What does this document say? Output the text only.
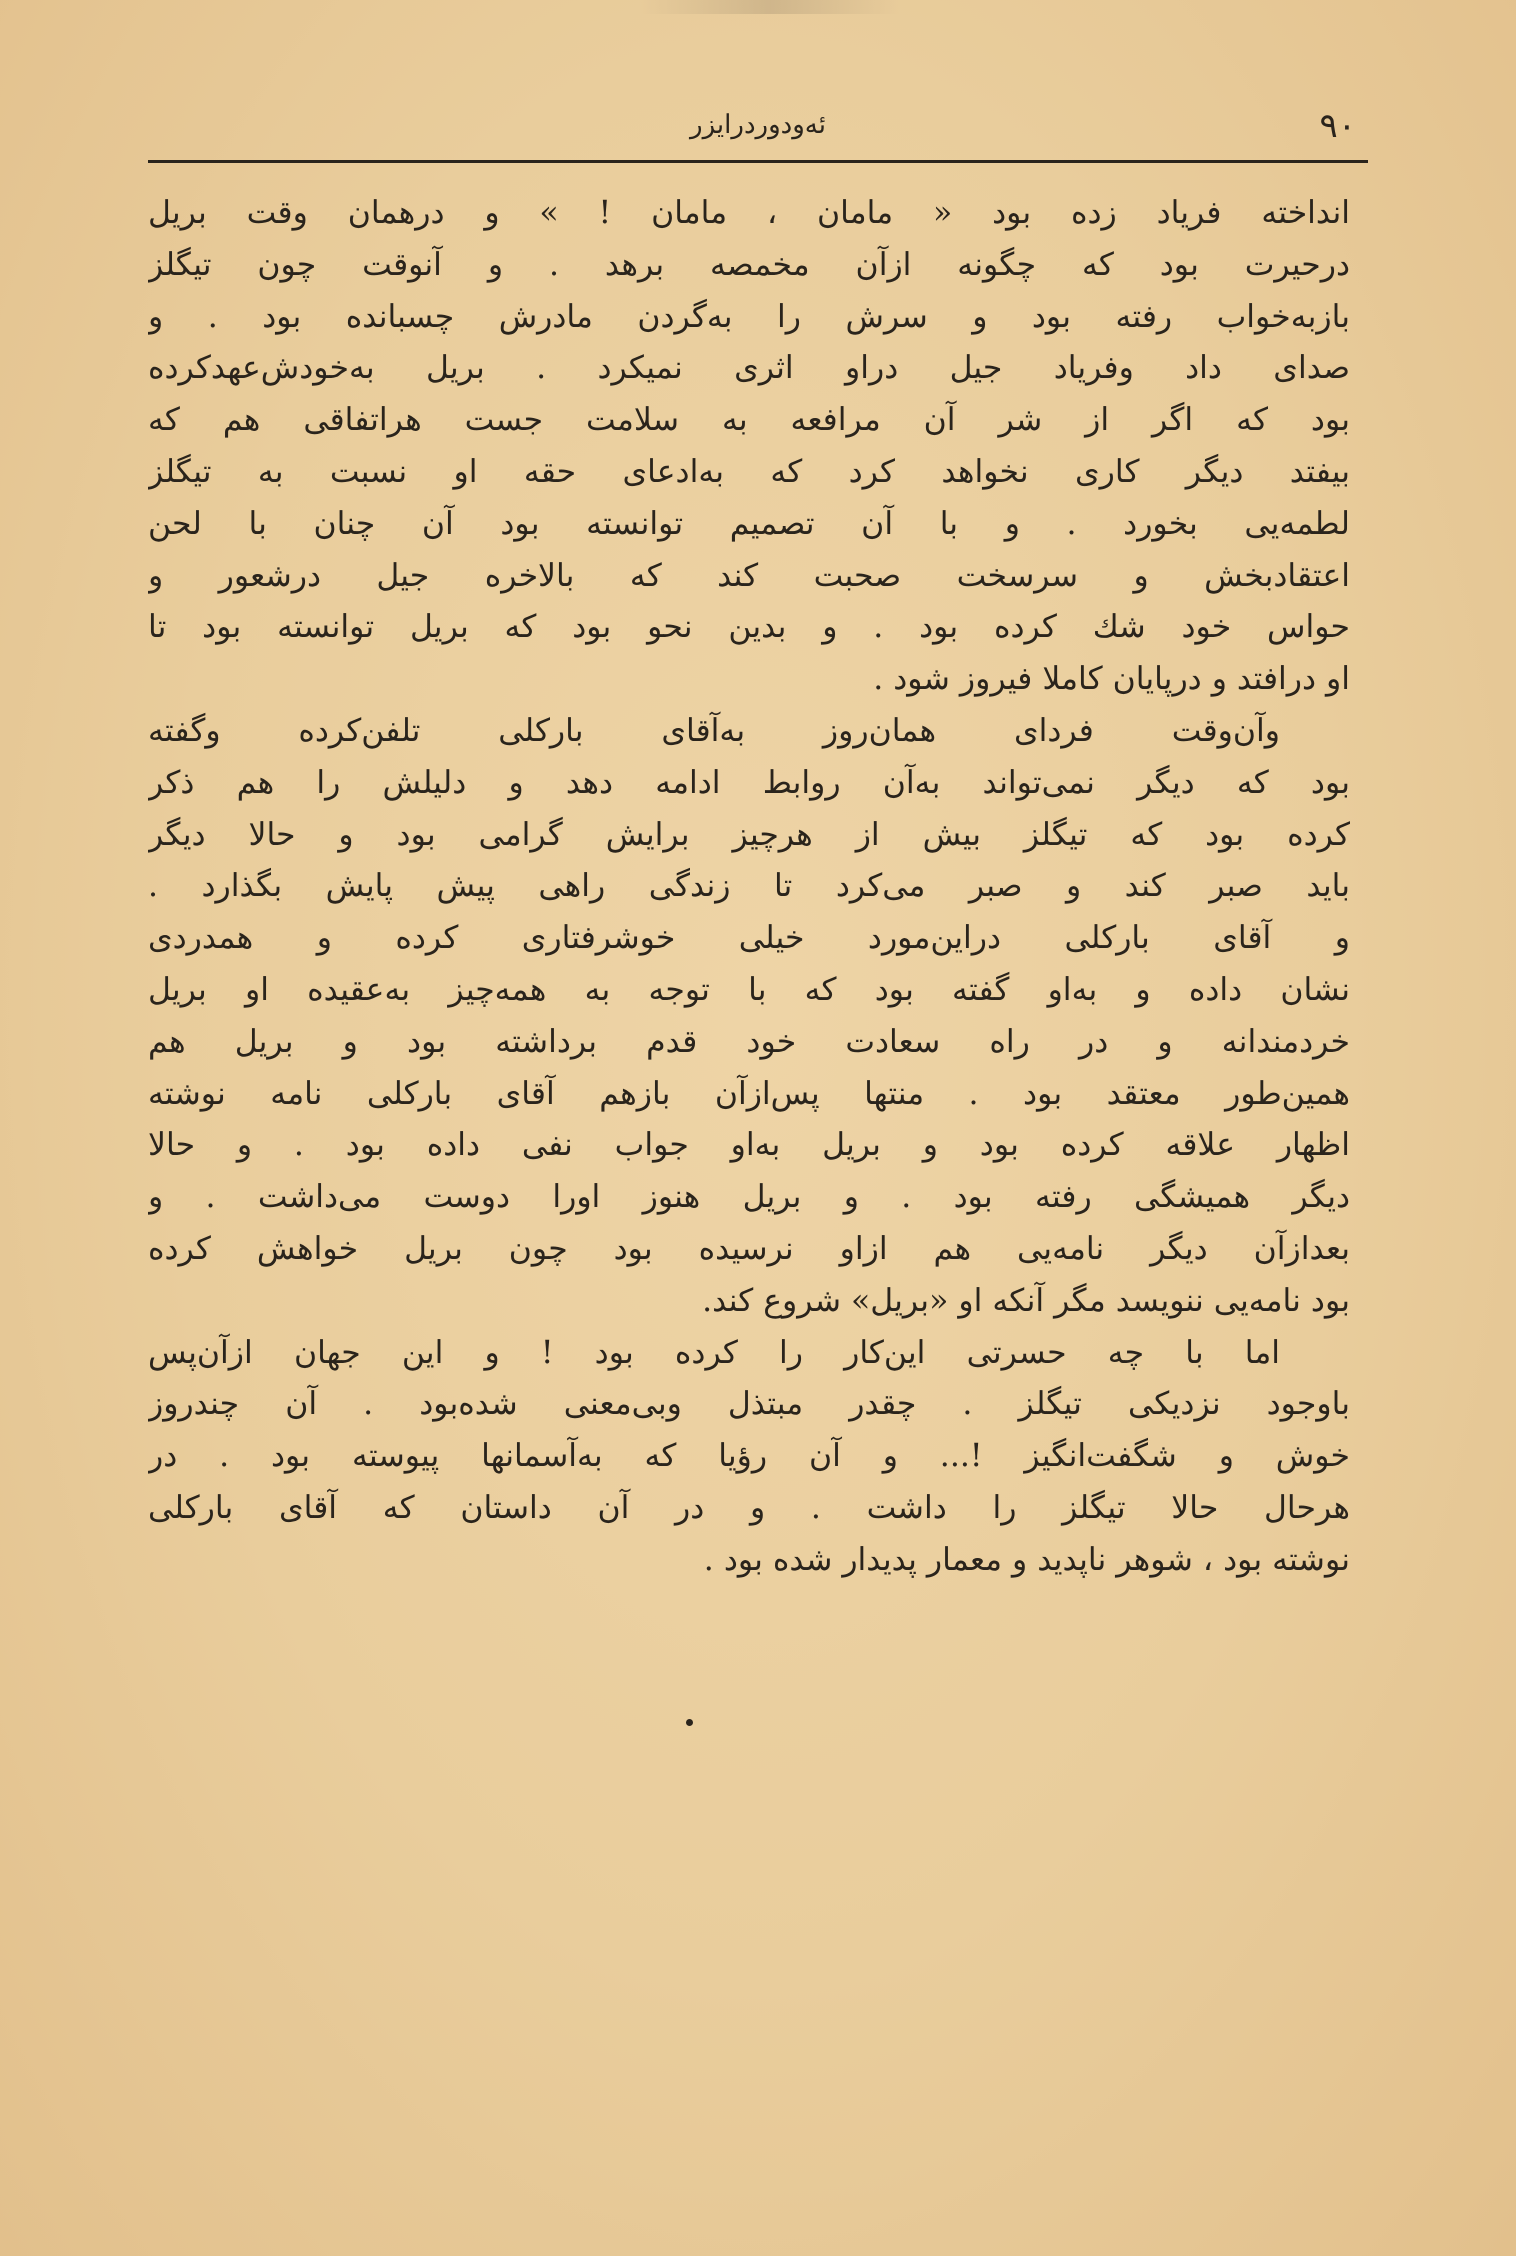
۹۰
ئەودوردرایزر
انداخته فریاد زده بود « مامان ، مامان ! » و درهمان وقت بریل
درحیرت بود که چگونه ازآن مخمصه برهد . و آنوقت چون تیگلز
بازبه‌خواب رفته بود و سرش را به‌گردن مادرش چسبانده بود . و
صدای داد وفریاد جیل دراو اثری نمیکرد . بریل به‌خودش‌عهدکرده
بود که اگر از شر آن مرافعه به سلامت جست هراتفاقی هم که
بیفتد دیگر کاری نخواهد کرد که به‌ادعای حقه او نسبت به تیگلز
لطمه‌یی بخورد . و با آن تصمیم توانسته بود آن چنان با لحن
اعتقادبخش و سرسخت صحبت کند که بالاخره جیل درشعور و
حواس خود شك کرده بود . و بدین نحو بود که بریل توانسته بود تا
او درافتد و درپایان کاملا فیروز شود .
وآن‌وقت فردای همان‌روز به‌آقای بارکلی تلفن‌کرده وگفته
بود که دیگر نمی‌تواند به‌آن روابط ادامه دهد و دلیلش را هم ذکر
کرده بود که تیگلز بیش از هرچیز برایش گرامی بود و حالا دیگر
باید صبر کند و صبر می‌کرد تا زندگی راهی پیش پایش بگذارد .
و آقای بارکلی دراین‌مورد خیلی خوشرفتاری کرده و همدردی
نشان داده و به‌او گفته بود که با توجه به همه‌چیز به‌عقیده او بریل
خردمندانه و در راه سعادت خود قدم برداشته بود و بریل هم
همین‌طور معتقد بود . منتها پس‌ازآن بازهم آقای بارکلی نامه نوشته
اظهار علاقه کرده بود و بریل به‌او جواب نفی داده بود . و حالا
دیگر همیشگی رفته بود . و بریل هنوز اورا دوست می‌داشت . و
بعدازآن دیگر نامه‌یی هم ازاو نرسیده بود چون بریل خواهش کرده
بود نامه‌یی ننویسد مگر آنکه او «بریل» شروع کند.
اما با چه حسرتی این‌کار را کرده بود ! و این جهان ازآن‌پس
باوجود نزدیکی تیگلز . چقدر مبتذل وبی‌معنی شده‌بود . آن چندروز
خوش و شگفت‌انگیز !... و آن رؤیا که به‌آسمانها پیوسته بود . در
هرحال حالا تیگلز را داشت . و در آن داستان که آقای بارکلی
نوشته بود ، شوهر ناپدید و معمار پدیدار شده بود .
